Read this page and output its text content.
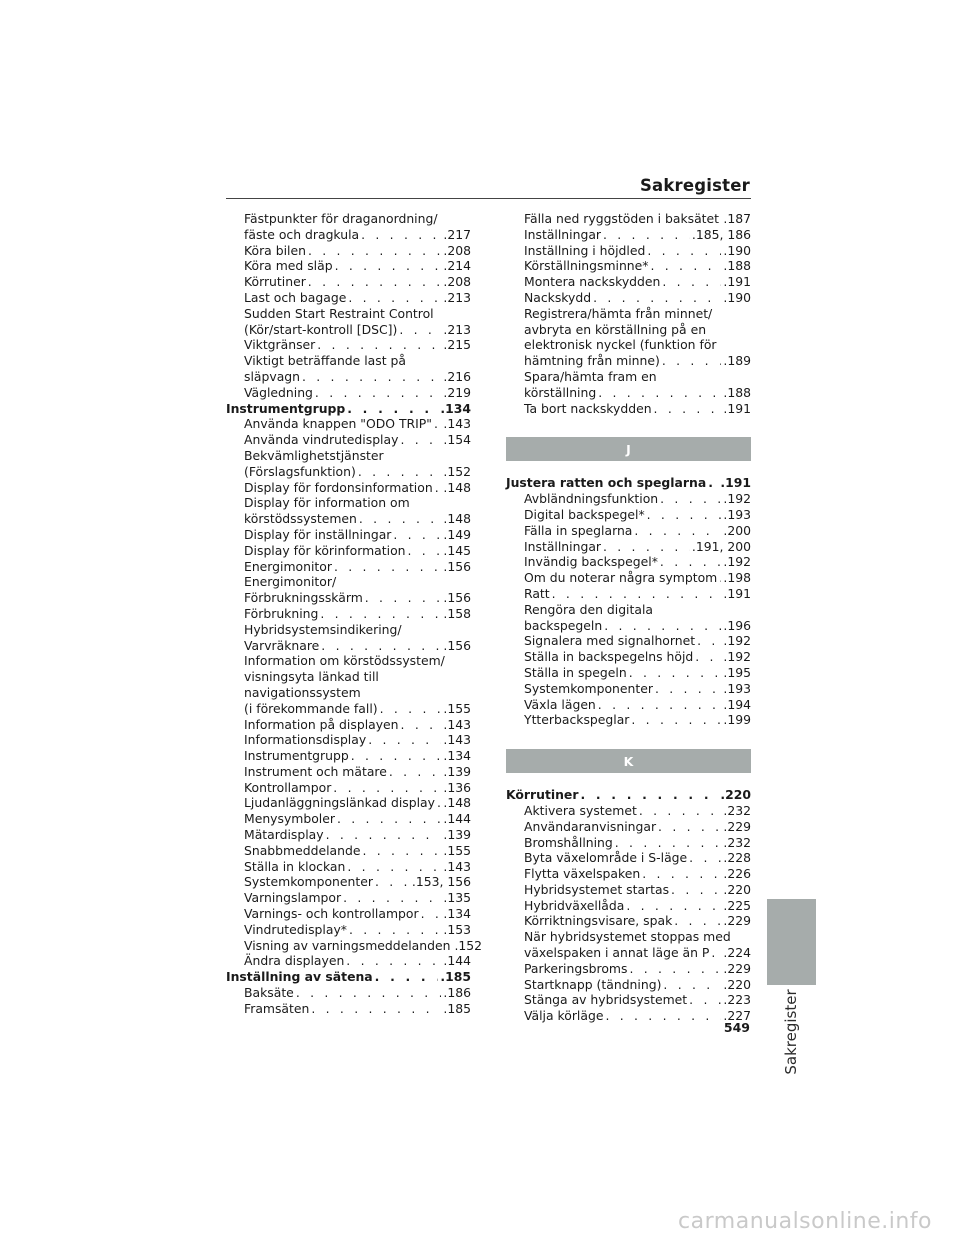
Sakregister
Fästpunkter för draganordning/
fäste och dragkula . . .	.217
Köra bilen . . .	.208
Köra med släp . . .	.214
Körrutiner . . .	.208
Last och bagage . . .	.213
Sudden Start Restraint Control
(Kör/start-kontroll [DSC]) . . .	.213
Viktgränser . . .	.215
Viktigt beträffande last på
släpvagn . . .	.216
Vägledning . . .	.219
Instrumentgrupp . . .	.134
Använda knappen "ODO TRIP" . . . .143
Använda vindrutedisplay . . .	.154
Bekvämlighetstjänster
(Förslagsfunktion) . . .	.152
Display för fordonsinformation . . . .148
Display för information om
körstödssystemen . . .	.148
Display för inställningar . . .	.149
Display för körinformation . . .	.145
Energimonitor . . .	.156
Energimonitor/
Förbrukningsskärm . . .	.156
Förbrukning . . .	.158
Hybridsystemsindikering/
Varvräknare . . .	.156
Information om körstödssystem/
visningsyta länkad till
navigationssystem
(i förekommande fall) . . .	.155
Information på displayen . . .	.143
Informationsdisplay . . .	.143
Instrumentgrupp . . .	.134
Instrument och mätare . . .	.139
Kontrollampor . . .	.136
Ljudanläggningslänkad display . . . .148
Menysymboler . . .	.144
Mätardisplay . . .	.139
Snabbmeddelande . . .	.155
Ställa in klockan . . .	.143
Systemkomponenter . . .	.153, 156
Varningslampor . . .	.135
Varnings- och kontrollampor . . . .134
Vindrutedisplay* . . .	.153
Visning av varningsmeddelanden .152
Ändra displayen . . .	.144
Inställning av sätena . . .	.185
Baksäte . . .	.186
Framsäten . . .	.185
Fälla ned ryggstöden i baksätet . . . .187
Inställningar . . .	.185, 186
Inställning i höjdled . . .	.190
Körställningsminne* . . .	.188
Montera nackskydden . . .	.191
Nackskydd . . .	.190
Registrera/hämta från minnet/
avbryta en körställning på en
elektronisk nyckel (funktion för
hämtning från minne) . . .	.189
Spara/hämta fram en
körställning . . .	.188
Ta bort nackskydden . . .	.191
J
Justera ratten och speglarna . . . .191
Avbländningsfunktion . . .	.192
Digital backspegel* . . .	.193
Fälla in speglarna . . .	.200
Inställningar . . .	.191, 200
Invändig backspegel* . . .	.192
Om du noterar några symptom . . . .198
Ratt . . .	.191
Rengöra den digitala
backspegeln . . .	.196
Signalera med signalhornet . . . .192
Ställa in backspegelns höjd . . . .192
Ställa in spegeln . . .	.195
Systemkomponenter . . .	.193
Växla lägen . . .	.194
Ytterbackspeglar . . .	.199
K
Körrutiner . . .	.220
Aktivera systemet . . .	.232
Användaranvisningar . . .	.229
Bromshållning . . .	.232
Byta växelområde i S-läge . . .	.228
Flytta växelspaken . . .	.226
Hybridsystemet startas . . .	.220
Hybridväxellåda . . .	.225
Körriktningsvisare, spak . . .	.229
När hybridsystemet stoppas med
växelspaken i annat läge än P . . . .224
Parkeringsbroms . . .	.229
Startknapp (tändning) . . .	.220
Stänga av hybridsystemet . . .	.223
Välja körläge . . .	.227 Sakregister
549
carmanualsonline.info
